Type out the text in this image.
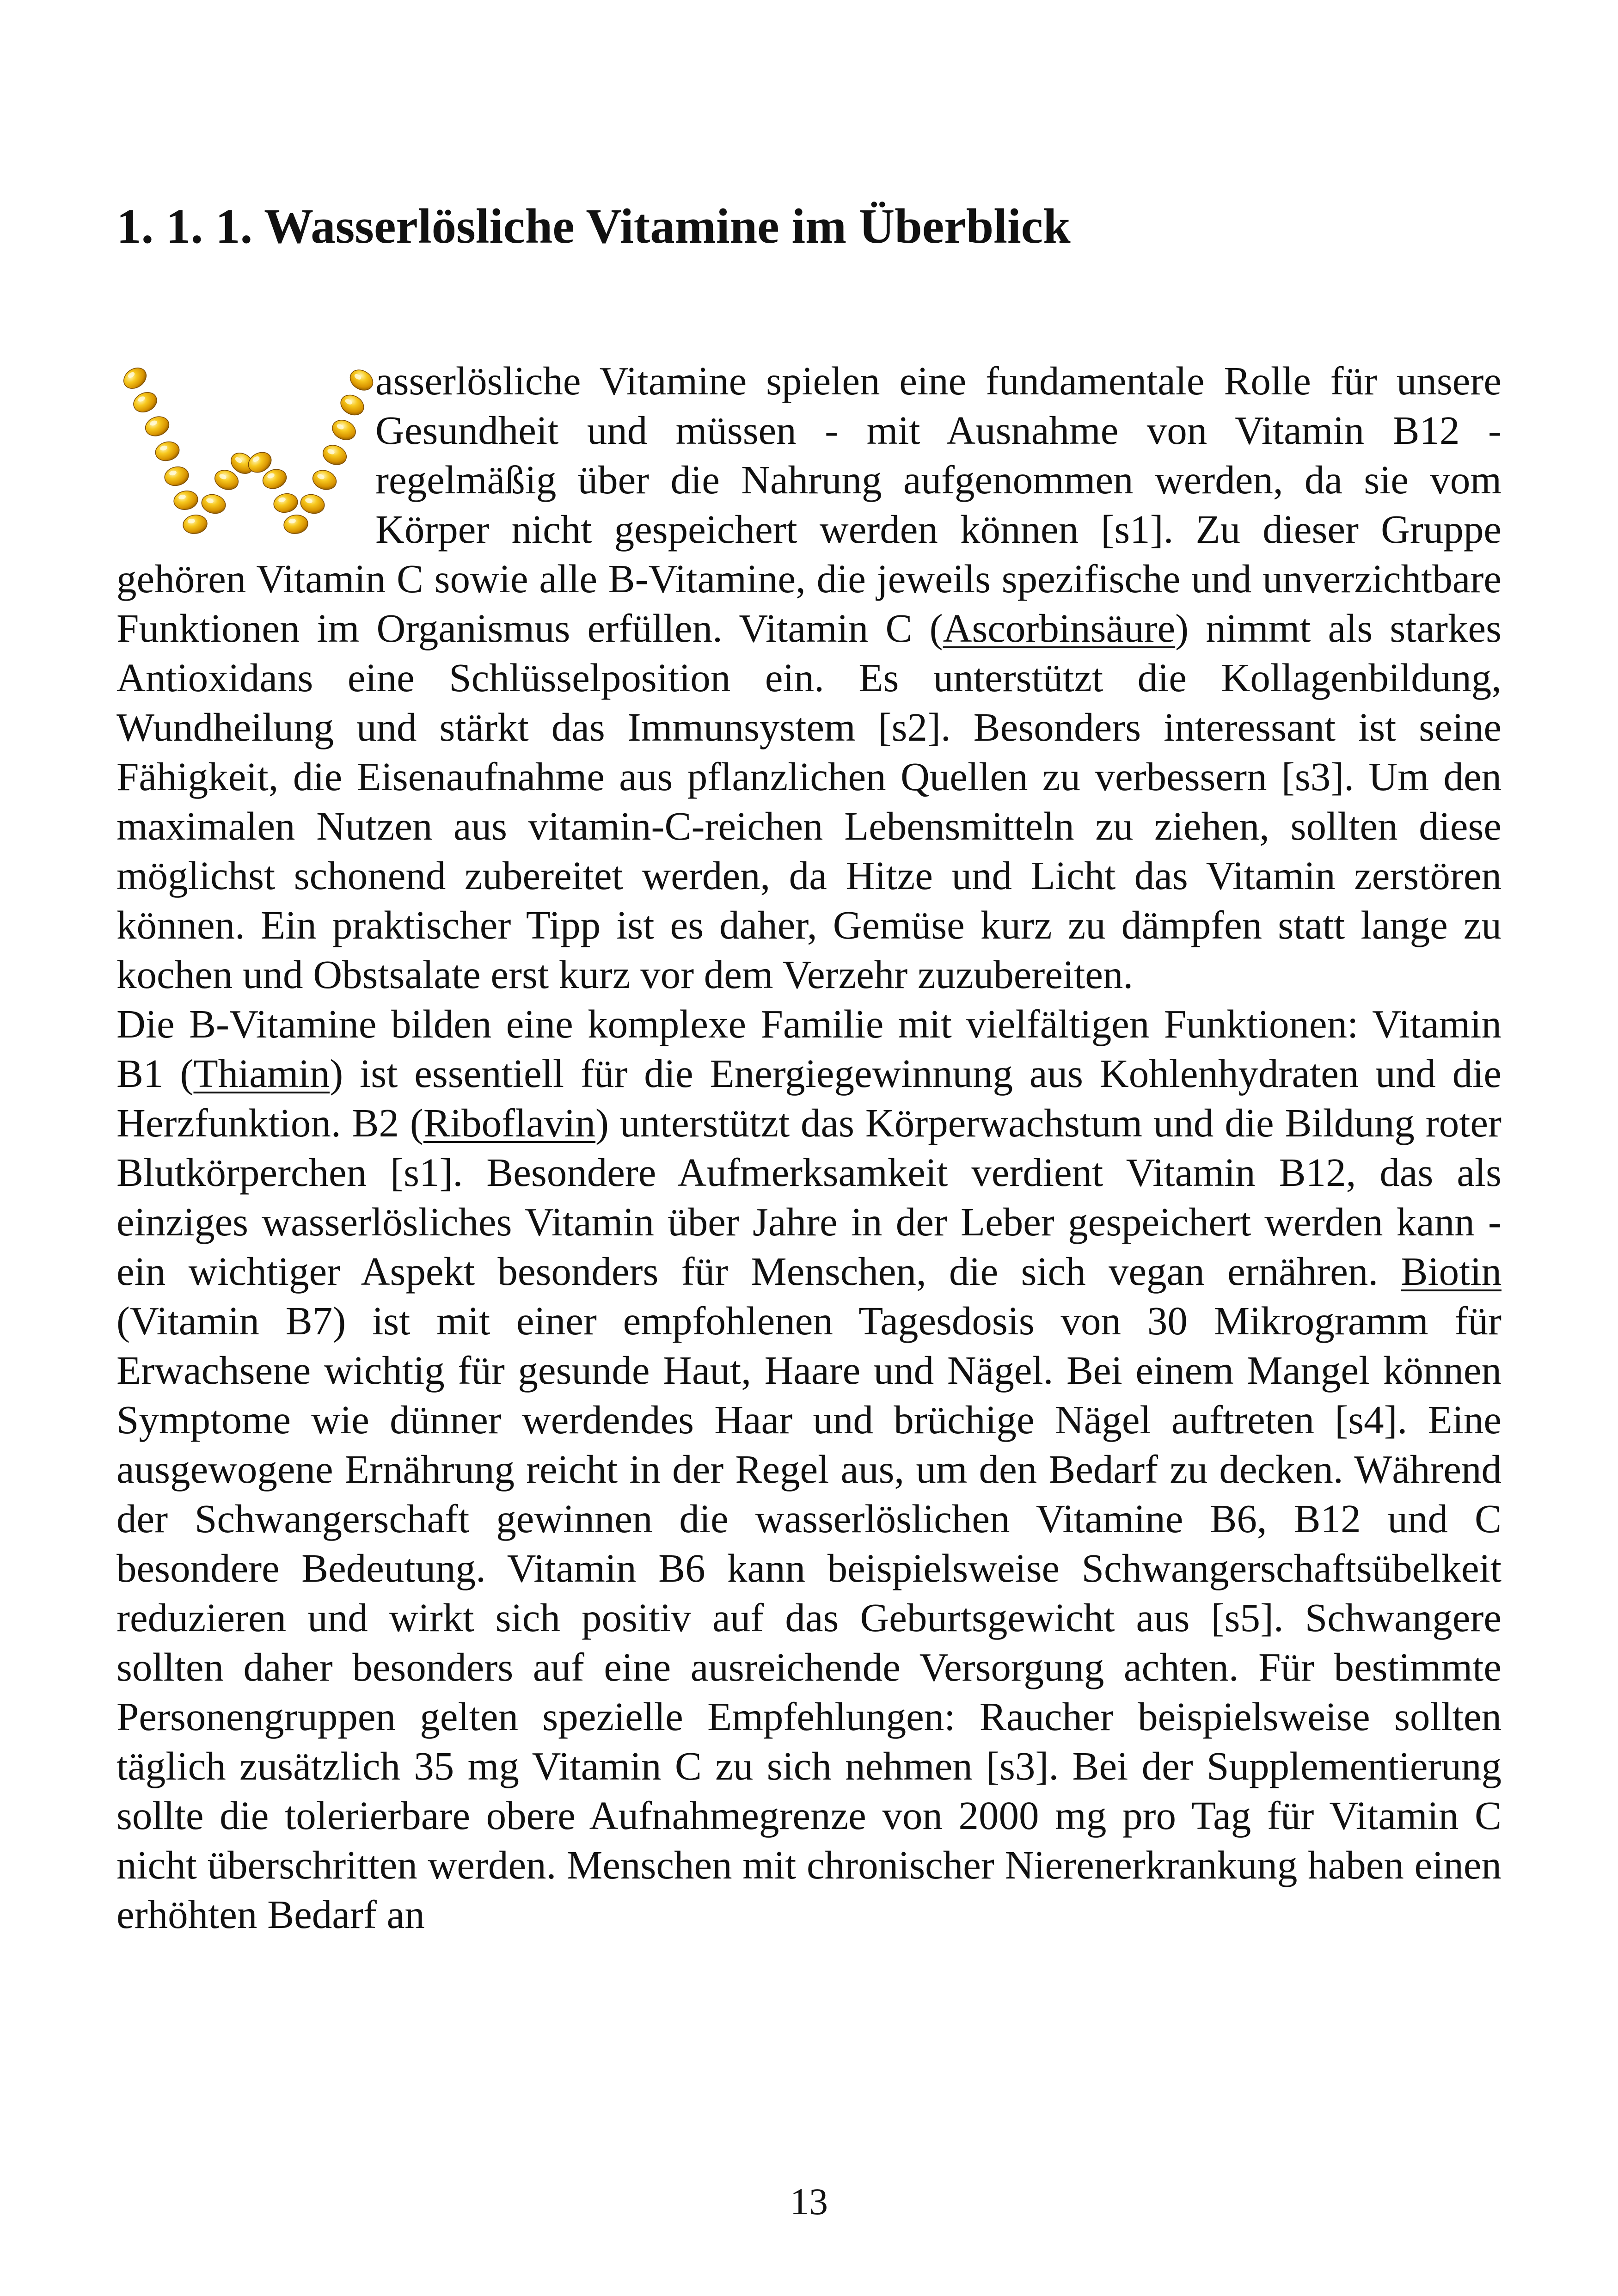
1. 1. 1. Wasserlösliche Vitamine im Überblick

asserlösliche Vitamine spielen eine fundamentale Rolle für unsere Gesundheit und müssen - mit Ausnahme von Vitamin B12 - regelmäßig über die Nahrung aufgenommen werden, da sie vom Körper nicht gespeichert werden können [s1]. Zu dieser Gruppe gehören Vitamin C sowie alle B-Vitamine, die jeweils spezifische und unverzichtbare Funktionen im Organismus erfüllen. Vitamin C (Ascorbinsäure) nimmt als starkes Antioxidans eine Schlüsselposition ein. Es unterstützt die Kollagenbildung, Wundheilung und stärkt das Immunsystem [s2]. Besonders interessant ist seine Fähigkeit, die Eisenaufnahme aus pflanzlichen Quellen zu verbessern [s3]. Um den maximalen Nutzen aus vitamin-C-reichen Lebensmitteln zu ziehen, sollten diese möglichst schonend zubereitet werden, da Hitze und Licht das Vitamin zerstören können. Ein praktischer Tipp ist es daher, Gemüse kurz zu dämpfen statt lange zu kochen und Obstsalate erst kurz vor dem Verzehr zuzubereiten.

Die B-Vitamine bilden eine komplexe Familie mit vielfältigen Funktionen: Vitamin B1 (Thiamin) ist essentiell für die Energiegewinnung aus Kohlenhydraten und die Herzfunktion. B2 (Riboflavin) unterstützt das Körperwachstum und die Bildung roter Blutkörperchen [s1]. Besondere Aufmerksamkeit verdient Vitamin B12, das als einziges wasserlösliches Vitamin über Jahre in der Leber gespeichert werden kann - ein wichtiger Aspekt besonders für Menschen, die sich vegan ernähren. Biotin (Vitamin B7) ist mit einer empfohlenen Tagesdosis von 30 Mikrogramm für Erwachsene wichtig für gesunde Haut, Haare und Nägel. Bei einem Mangel können Symptome wie dünner werdendes Haar und brüchige Nägel auftreten [s4]. Eine ausgewogene Ernährung reicht in der Regel aus, um den Bedarf zu decken. Während der Schwangerschaft gewinnen die wasserlöslichen Vitamine B6, B12 und C besondere Bedeutung. Vitamin B6 kann beispielsweise Schwangerschaftsübelkeit reduzieren und wirkt sich positiv auf das Geburtsgewicht aus [s5]. Schwangere sollten daher besonders auf eine ausreichende Versorgung achten. Für bestimmte Personengruppen gelten spezielle Empfehlungen: Raucher beispielsweise sollten täglich zusätzlich 35 mg Vitamin C zu sich nehmen [s3]. Bei der Supplementierung sollte die tolerierbare obere Aufnahmegrenze von 2000 mg pro Tag für Vitamin C nicht überschritten werden. Menschen mit chronischer Nierenerkrankung haben einen erhöhten Bedarf an

13
